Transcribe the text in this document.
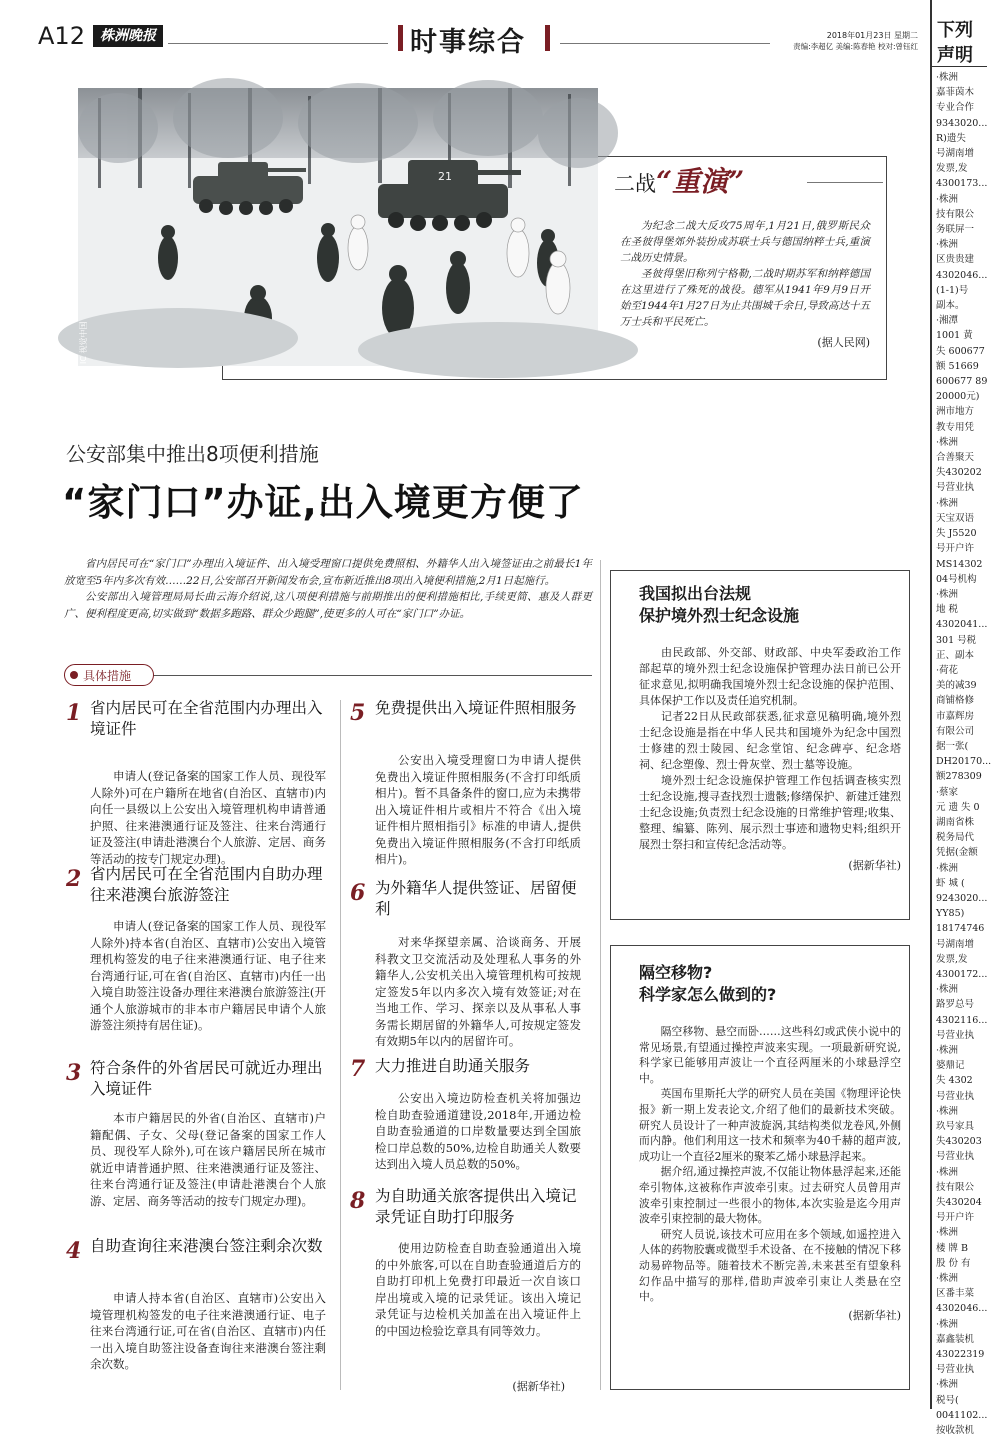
A12	株洲晚报	时事综合	2018年01月23日 星期二
责编:李超亿 美编:陈春艳 校对:曾钰红
下列
声明
·株洲
嘉菲茵木
专业合作
9343020...
R)遗失
号湖南增
发票,发
4300173...
·株洲
技有限公
务联屏一
·株洲
区贵贵建
4302046...
(1-1)号
副本。
·湘潭
1001 黄
失 600677
额 51669
600677 89
20000元)
洲市地方
教专用凭
·株洲
合善聚天
失430202
号营业执
·株洲
天宝双语
失 J5520
号开户许
MS14302
04号机构
·株洲
地 税
4302041...
301 号税
正、副本
·荷花
美的减39
商铺格修
市嘉辉房
有限公司
据一张(
DH20170...
额278309
·蔡家
元 遗 失 0
湖南省株
税务局代
凭据(金额
·株洲
虾 城 (
9243020...
YY85)
18174746
号湖南增
发票,发
4300172...
·株洲
路罗总号
4302116...
号营业执
·株洲
婆鼎记
失 4302
号营业执
·株洲
玖号家具
失430203
号营业执
·株洲
技有限公
失430204
号开户许
·株洲
楼 牌 B
股 份 有
·株洲
区番丰菜
4302046...
·株洲
嘉鑫装机
43022319
号营业执
·株洲
税号(
0041102...
按收款机
21
IC 视觉中国
二战“重演”

为纪念二战大反攻75周年,1月21日,俄罗斯民众在圣彼得堡郊外装扮成苏联士兵与德国纳粹士兵,重演二战历史情景。

圣彼得堡旧称列宁格勒,二战时期苏军和纳粹德国在这里进行了殊死的战役。德军从1941年9月9日开始至1944年1月27日为止共围城千余日,导致高达十五万士兵和平民死亡。

(据人民网)

公安部集中推出8项便利措施
“家门口”办证,出入境更方便了

省内居民可在“家门口”办理出入境证件、出入境受理窗口提供免费照相、外籍华人出入境签证由之前最长1年放宽至5年内多次有效……22日,公安部召开新闻发布会,宣布新近推出8项出入境便利措施,2月1日起施行。

公安部出入境管理局局长曲云海介绍说,这八项便利措施与前期推出的便利措施相比,手续更简、惠及人群更广、便利程度更高,切实做到“数据多跑路、群众少跑腿”,使更多的人可在“家门口”办证。

具体措施
1 省内居民可在全省范围内办理出入境证件

申请人(登记备案的国家工作人员、现役军人除外)可在户籍所在地省(自治区、直辖市)内向任一县级以上公安出入境管理机构申请普通护照、往来港澳通行证及签注、往来台湾通行证及签注(申请赴港澳台个人旅游、定居、商务等活动的按专门规定办理)。

2 省内居民可在全省范围内自助办理往来港澳台旅游签注

申请人(登记备案的国家工作人员、现役军人除外)持本省(自治区、直辖市)公安出入境管理机构签发的电子往来港澳通行证、电子往来台湾通行证,可在省(自治区、直辖市)内任一出入境自助签注设备办理往来港澳台旅游签注(开通个人旅游城市的非本市户籍居民申请个人旅游签注须持有居住证)。

3 符合条件的外省居民可就近办理出入境证件

本市户籍居民的外省(自治区、直辖市)户籍配偶、子女、父母(登记备案的国家工作人员、现役军人除外),可在该户籍居民所在城市就近申请普通护照、往来港澳通行证及签注、往来台湾通行证及签注(申请赴港澳台个人旅游、定居、商务等活动的按专门规定办理)。

4 自助查询往来港澳台签注剩余次数

申请人持本省(自治区、直辖市)公安出入境管理机构签发的电子往来港澳通行证、电子往来台湾通行证,可在省(自治区、直辖市)内任一出入境自助签注设备查询往来港澳台签注剩余次数。

5 免费提供出入境证件照相服务

公安出入境受理窗口为申请人提供免费出入境证件照相服务(不含打印纸质相片)。暂不具备条件的窗口,应为未携带出入境证件相片或相片不符合《出入境证件相片照相指引》标准的申请人,提供免费出入境证件照相服务(不含打印纸质相片)。

6 为外籍华人提供签证、居留便利

对来华探望亲属、洽谈商务、开展科教文卫交流活动及处理私人事务的外籍华人,公安机关出入境管理机构可按规定签发5年以内多次入境有效签证;对在当地工作、学习、探亲以及从事私人事务需长期居留的外籍华人,可按规定签发有效期5年以内的居留许可。

7 大力推进自助通关服务

公安出入境边防检查机关将加强边检自助查验通道建设,2018年,开通边检自助查验通道的口岸数量要达到全国旅检口岸总数的50%,边检自助通关人数要达到出入境人员总数的50%。

8 为自助通关旅客提供出入境记录凭证自助打印服务

使用边防检查自助查验通道出入境的中外旅客,可以在自助查验通道后方的自助打印机上免费打印最近一次自该口岸出境或入境的记录凭证。该出入境记录凭证与边检机关加盖在出入境证件上的中国边检验讫章具有同等效力。

(据新华社)
我国拟出台法规
保护境外烈士纪念设施

由民政部、外交部、财政部、中央军委政治工作部起草的境外烈士纪念设施保护管理办法日前已公开征求意见,拟明确我国境外烈士纪念设施的保护范围、具体保护工作以及责任追究机制。

记者22日从民政部获悉,征求意见稿明确,境外烈士纪念设施是指在中华人民共和国境外为纪念中国烈士修建的烈士陵园、纪念堂馆、纪念碑亭、纪念塔祠、纪念塑像、烈士骨灰堂、烈士墓等设施。

境外烈士纪念设施保护管理工作包括调查核实烈士纪念设施,搜寻查找烈士遗骸;修缮保护、新建迁建烈士纪念设施;负责烈士纪念设施的日常维护管理;收集、整理、编纂、陈列、展示烈士事迹和遗物史料;组织开展烈士祭扫和宣传纪念活动等。

(据新华社)

隔空移物?
科学家怎么做到的?

隔空移物、悬空而卧……这些科幻或武侠小说中的常见场景,有望通过操控声波来实现。一项最新研究说,科学家已能够用声波让一个直径两厘米的小球悬浮空中。

英国布里斯托大学的研究人员在美国《物理评论快报》新一期上发表论文,介绍了他们的最新技术突破。研究人员设计了一种声波旋涡,其结构类似龙卷风,外侧而内静。他们利用这一技术和频率为40千赫的超声波,成功让一个直径2厘米的聚苯乙烯小球悬浮起来。

据介绍,通过操控声波,不仅能让物体悬浮起来,还能牵引物体,这被称作声波牵引束。过去研究人员曾用声波牵引束控制过一些很小的物体,本次实验是迄今用声波牵引束控制的最大物体。

研究人员说,该技术可应用在多个领域,如遥控进入人体的药物胶囊或微型手术设备、在不接触的情况下移动易碎物品等。随着技术不断完善,未来甚至有望象科幻作品中描写的那样,借助声波牵引束让人类悬在空中。

(据新华社)
